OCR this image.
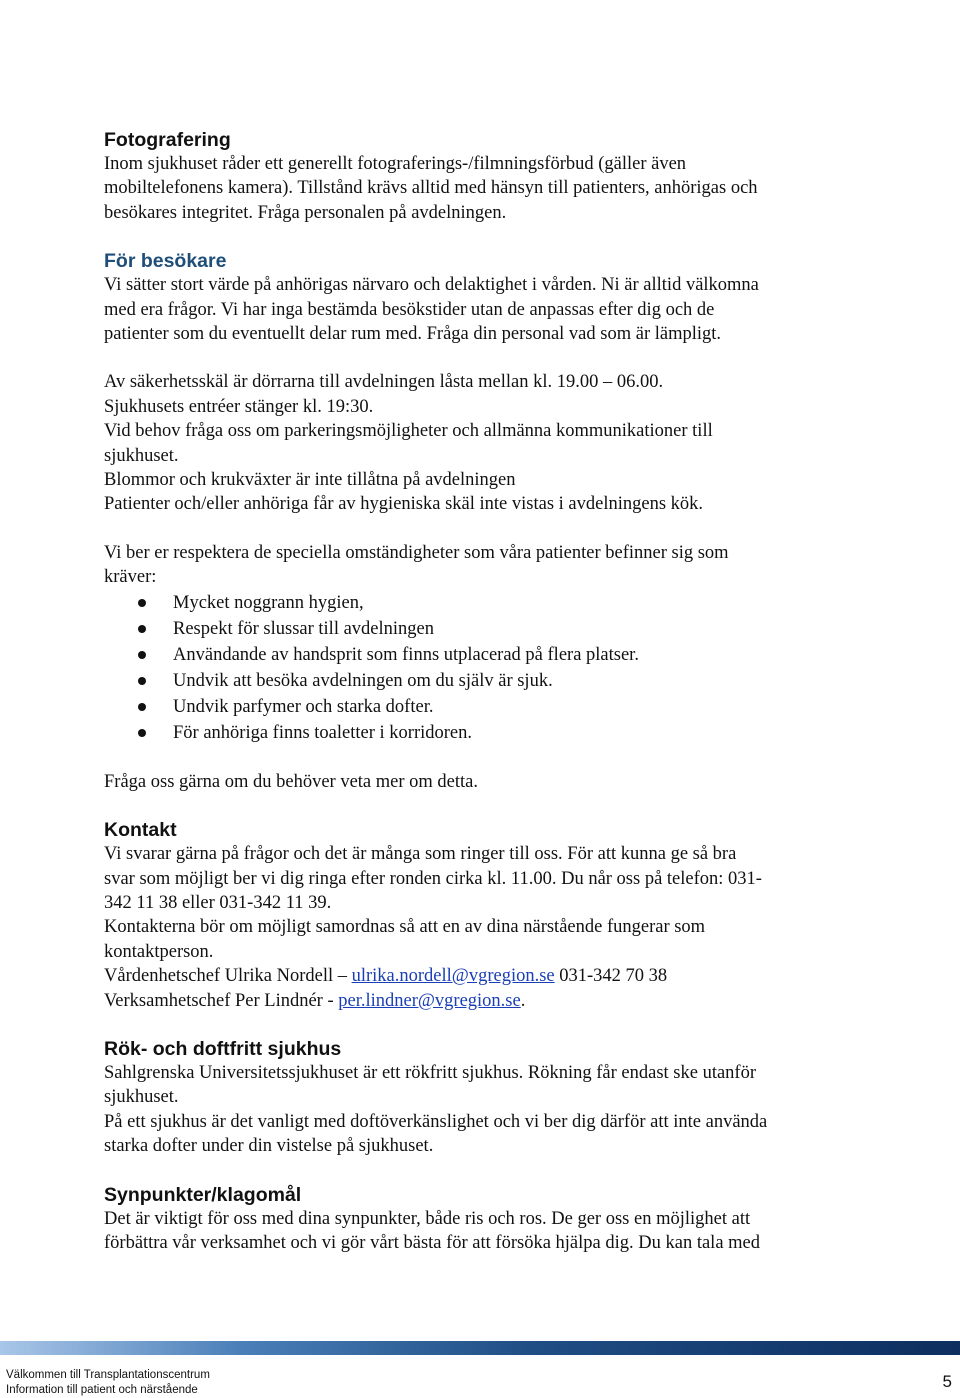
Fotografering

Inom sjukhuset råder ett generellt fotograferings-/filmningsförbud (gäller även

mobiltelefonens kamera). Tillstånd krävs alltid med hänsyn till patienters, anhörigas och

besökares integritet. Fråga personalen på avdelningen.

För besökare

Vi sätter stort värde på anhörigas närvaro och delaktighet i vården. Ni är alltid välkomna

med era frågor. Vi har inga bestämda besökstider utan de anpassas efter dig och de

patienter som du eventuellt delar rum med. Fråga din personal vad som är lämpligt.

Av säkerhetsskäl är dörrarna till avdelningen låsta mellan kl. 19.00 – 06.00.

Sjukhusets entréer stänger kl. 19:30.

Vid behov fråga oss om parkeringsmöjligheter och allmänna kommunikationer till

sjukhuset.

Blommor och krukväxter är inte tillåtna på avdelningen

Patienter och/eller anhöriga får av hygieniska skäl inte vistas i avdelningens kök.

Vi ber er respektera de speciella omständigheter som våra patienter befinner sig som

kräver:

Mycket noggrann hygien,
Respekt för slussar till avdelningen
Användande av handsprit som finns utplacerad på flera platser.
Undvik att besöka avdelningen om du själv är sjuk.
Undvik parfymer och starka dofter.
För anhöriga finns toaletter i korridoren.

Fråga oss gärna om du behöver veta mer om detta.

Kontakt

Vi svarar gärna på frågor och det är många som ringer till oss. För att kunna ge så bra

svar som möjligt ber vi dig ringa efter ronden cirka kl. 11.00. Du når oss på telefon: 031-

342 11 38 eller 031-342 11 39.

Kontakterna bör om möjligt samordnas så att en av dina närstående fungerar som

kontaktperson.

Vårdenhetschef Ulrika Nordell – ulrika.nordell@vgregion.se 031-342 70 38

Verksamhetschef Per Lindnér - per.lindner@vgregion.se.

Rök- och doftfritt sjukhus

Sahlgrenska Universitetssjukhuset är ett rökfritt sjukhus. Rökning får endast ske utanför

sjukhuset.

På ett sjukhus är det vanligt med doftöverkänslighet och vi ber dig därför att inte använda

starka dofter under din vistelse på sjukhuset.

Synpunkter/klagomål

Det är viktigt för oss med dina synpunkter, både ris och ros. De ger oss en möjlighet att

förbättra vår verksamhet och vi gör vårt bästa för att försöka hjälpa dig. Du kan tala med

Välkommen till Transplantationscentrum
Information till patient och närstående	5
